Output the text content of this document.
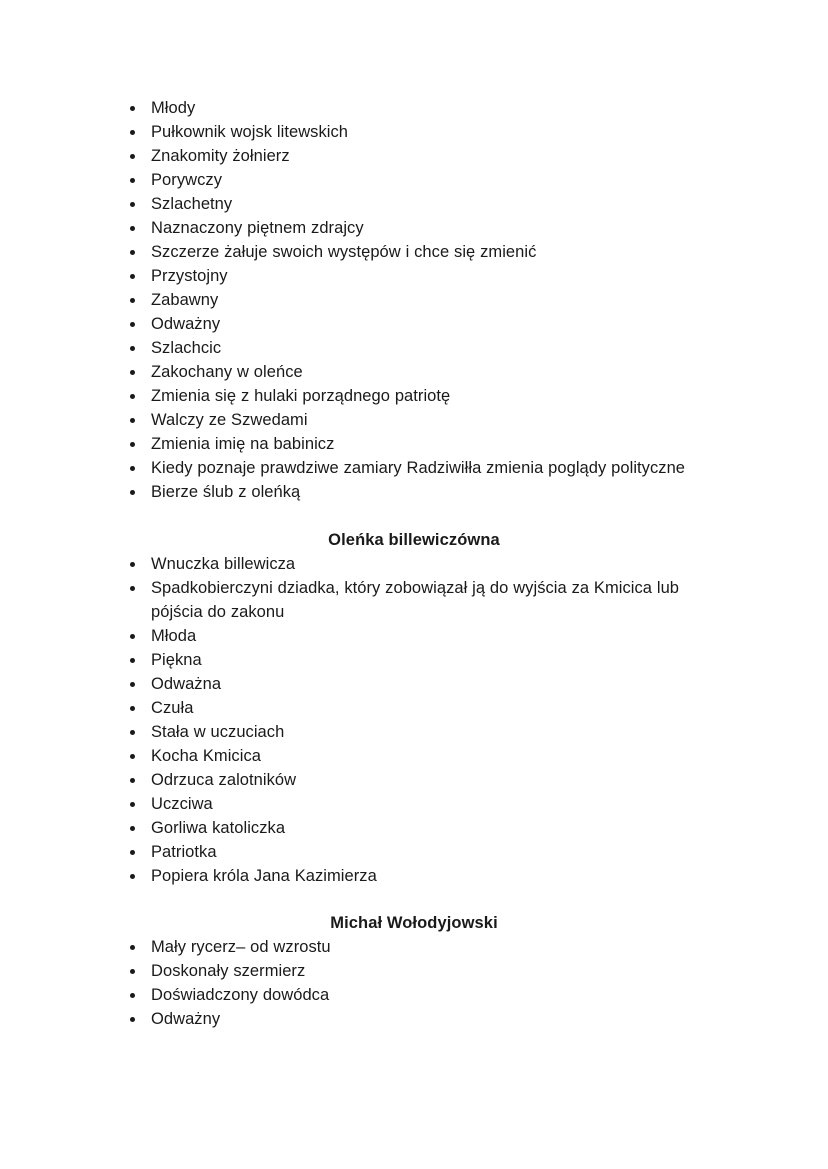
Młody
Pułkownik wojsk litewskich
Znakomity żołnierz
Porywczy
Szlachetny
Naznaczony piętnem zdrajcy
Szczerze żałuje swoich występów i chce się zmienić
Przystojny
Zabawny
Odważny
Szlachcic
Zakochany w oleńce
Zmienia się z hulaki porządnego patriotę
Walczy ze Szwedami
Zmienia imię na babinicz
Kiedy poznaje prawdziwe zamiary Radziwiłła zmienia poglądy polityczne
Bierze ślub z oleńką
Oleńka billewiczówna
Wnuczka billewicza
Spadkobierczyni dziadka, który zobowiązał ją do wyjścia za Kmicica lub pójścia do zakonu
Młoda
Piękna
Odważna
Czuła
Stała w uczuciach
Kocha Kmicica
Odrzuca zalotników
Uczciwa
Gorliwa katoliczka
Patriotka
Popiera króla Jana Kazimierza
Michał Wołodyjowski
Mały rycerz– od wzrostu
Doskonały szermierz
Doświadczony dowódca
Odważny
